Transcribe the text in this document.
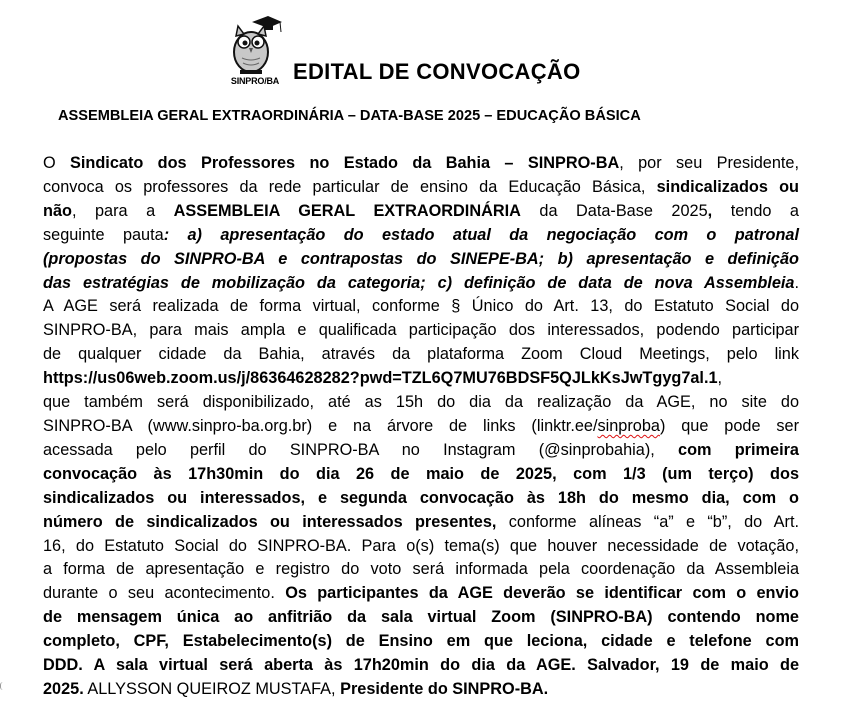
SINPRO/BA EDITAL DE CONVOCAÇÃO
ASSEMBLEIA GERAL EXTRAORDINÁRIA – DATA-BASE 2025 – EDUCAÇÃO BÁSICA
O Sindicato dos Professores no Estado da Bahia – SINPRO-BA, por seu Presidente,
convoca os professores da rede particular de ensino da Educação Básica, sindicalizados ou
não, para a ASSEMBLEIA GERAL EXTRAORDINÁRIA da Data-Base 2025, tendo a
seguinte pauta: a) apresentação do estado atual da negociação com o patronal
(propostas do SINPRO-BA e contrapostas do SINEPE-BA; b) apresentação e definição
das estratégias de mobilização da categoria; c) definição de data de nova Assembleia.
A AGE será realizada de forma virtual, conforme § Único do Art. 13, do Estatuto Social do
SINPRO-BA, para mais ampla e qualificada participação dos interessados, podendo participar
de qualquer cidade da Bahia, através da plataforma Zoom Cloud Meetings, pelo link
https://us06web.zoom.us/j/86364628282?pwd=TZL6Q7MU76BDSF5QJLkKsJwTgyg7al.1,
que também será disponibilizado, até as 15h do dia da realização da AGE, no site do
SINPRO-BA (www.sinpro-ba.org.br) e na árvore de links (linktr.ee/sinproba) que pode ser
acessada pelo perfil do SINPRO-BA no Instagram (@sinprobahia), com primeira
convocação às 17h30min do dia 26 de maio de 2025, com 1/3 (um terço) dos
sindicalizados ou interessados, e segunda convocação às 18h do mesmo dia, com o
número de sindicalizados ou interessados presentes, conforme alíneas “a” e “b”, do Art.
16, do Estatuto Social do SINPRO-BA. Para o(s) tema(s) que houver necessidade de votação,
a forma de apresentação e registro do voto será informada pela coordenação da Assembleia
durante o seu acontecimento. Os participantes da AGE deverão se identificar com o envio
de mensagem única ao anfitrião da sala virtual Zoom (SINPRO-BA) contendo nome
completo, CPF, Estabelecimento(s) de Ensino em que leciona, cidade e telefone com
DDD. A sala virtual será aberta às 17h20min do dia da AGE. Salvador, 19 de maio de
2025. ALLYSSON QUEIROZ MUSTAFA, Presidente do SINPRO-BA.
